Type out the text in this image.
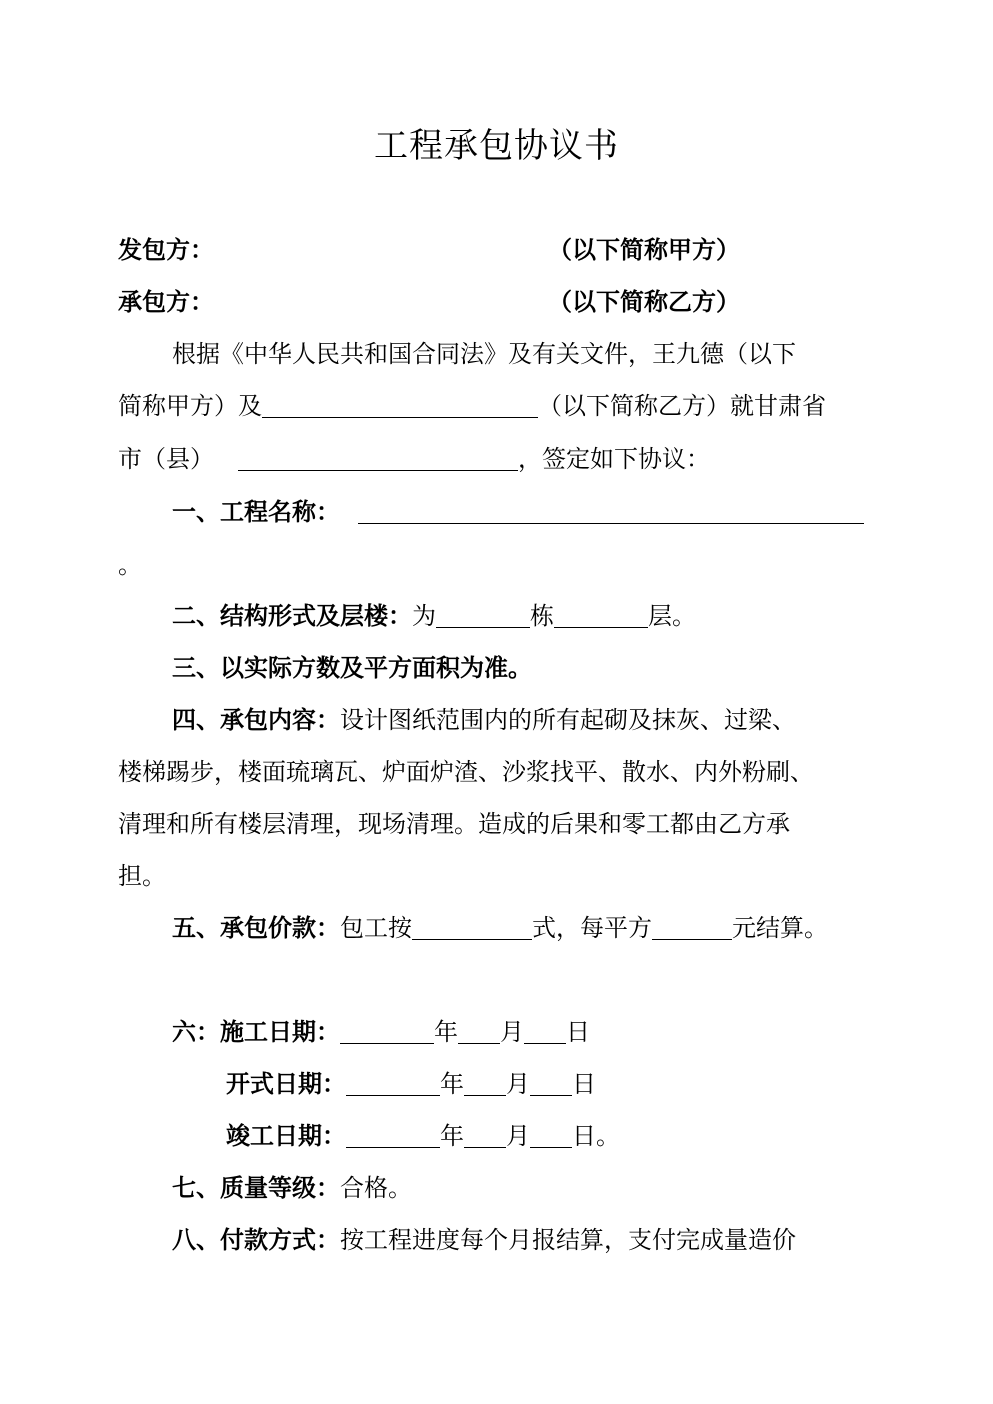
工程承包协议书
发包方：	（以下简称甲方）
承包方：	（以下简称乙方）
根据《中华人民共和国合同法》及有关文件，王九德（以下
简称甲方）及	（以下简称乙方）就甘肃省
市（县）	，签定如下协议：
一、工程名称：
。
二、结构形式及层楼：为	栋	层。
三、以实际方数及平方面积为准。
四、承包内容：设计图纸范围内的所有起砌及抹灰、过梁、
楼梯踢步，楼面琉璃瓦、炉面炉渣、沙浆找平、散水、内外粉刷、
清理和所有楼层清理，现场清理。造成的后果和零工都由乙方承
担。
五、承包价款：包工按	式，每平方	元结算。
六：施工日期：	年 月 日
开式日期：	年 月 日
竣工日期：	年 月 日。
七、质量等级：合格。
八、付款方式：按工程进度每个月报结算，支付完成量造价
